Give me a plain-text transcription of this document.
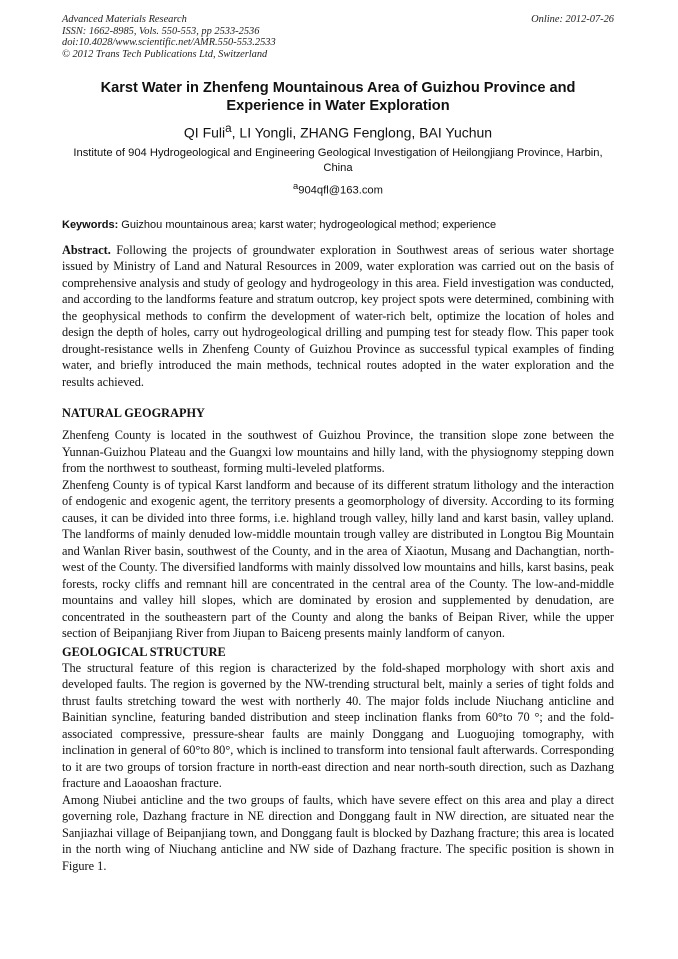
Advanced Materials Research
ISSN: 1662-8985, Vols. 550-553, pp 2533-2536
doi:10.4028/www.scientific.net/AMR.550-553.2533
© 2012 Trans Tech Publications Ltd, Switzerland
Online: 2012-07-26
Karst Water in Zhenfeng Mountainous Area of Guizhou Province and Experience in Water Exploration
QI Fuli$^a$, LI Yongli, ZHANG Fenglong, BAI Yuchun
Institute of 904 Hydrogeological and Engineering Geological Investigation of Heilongjiang Province, Harbin, China
$^a$904qfl@163.com
Keywords: Guizhou mountainous area; karst water; hydrogeological method; experience

Abstract. Following the projects of groundwater exploration in Southwest areas of serious water shortage issued by Ministry of Land and Natural Resources in 2009, water exploration was carried out on the basis of comprehensive analysis and study of geology and hydrogeology in this area. Field investigation was conducted, and according to the landforms feature and stratum outcrop, key project spots were determined, combining with the geophysical methods to confirm the development of water-rich belt, optimize the location of holes and design the depth of holes, carry out hydrogeological drilling and pumping test for steady flow. This paper took drought-resistance wells in Zhenfeng County of Guizhou Province as successful typical examples of finding water, and briefly introduced the main methods, technical routes adopted in the water exploration and the results achieved.

NATURAL GEOGRAPHY

Zhenfeng County is located in the southwest of Guizhou Province, the transition slope zone between the Yunnan-Guizhou Plateau and the Guangxi low mountains and hilly land, with the physiognomy stepping down from the northwest to southeast, forming multi-leveled platforms.

Zhenfeng County is of typical Karst landform and because of its different stratum lithology and the interaction of endogenic and exogenic agent, the territory presents a geomorphology of diversity. According to its forming causes, it can be divided into three forms, i.e. highland trough valley, hilly land and karst basin, valley upland. The landforms of mainly denuded low-middle mountain trough valley are distributed in Longtou Big Mountain and Wanlan River basin, southwest of the County, and in the area of Xiaotun, Musang and Dachangtian, north-west of the County. The diversified landforms with mainly dissolved low mountains and hills, karst basins, peak forests, rocky cliffs and remnant hill are concentrated in the central area of the County. The low-and-middle mountains and valley hill slopes, which are dominated by erosion and supplemented by denudation, are concentrated in the southeastern part of the County and along the banks of Beipan River, while the upper section of Beipanjiang River from Jiupan to Baiceng presents mainly landform of canyon.

GEOLOGICAL STRUCTURE

The structural feature of this region is characterized by the fold-shaped morphology with short axis and developed faults. The region is governed by the NW-trending structural belt, mainly a series of tight folds and thrust faults stretching toward the west with northerly 40. The major folds include Niuchang anticline and Bainitian syncline, featuring banded distribution and steep inclination flanks from 60°to 70 °; and the fold-associated compressive, pressure-shear faults are mainly Donggang and Luoguojing tomography, with inclination in general of 60°to 80°, which is inclined to transform into tensional fault afterwards. Corresponding to it are two groups of torsion fracture in north-east direction and near north-south direction, such as Dazhang fracture and Laoaoshan fracture.

Among Niubei anticline and the two groups of faults, which have severe effect on this area and play a direct governing role, Dazhang fracture in NE direction and Donggang fault in NW direction, are situated near the Sanjiazhai village of Beipanjiang town, and Donggang fault is blocked by Dazhang fracture; this area is located in the north wing of Niuchang anticline and NW side of Dazhang fracture. The specific position is shown in Figure 1.
